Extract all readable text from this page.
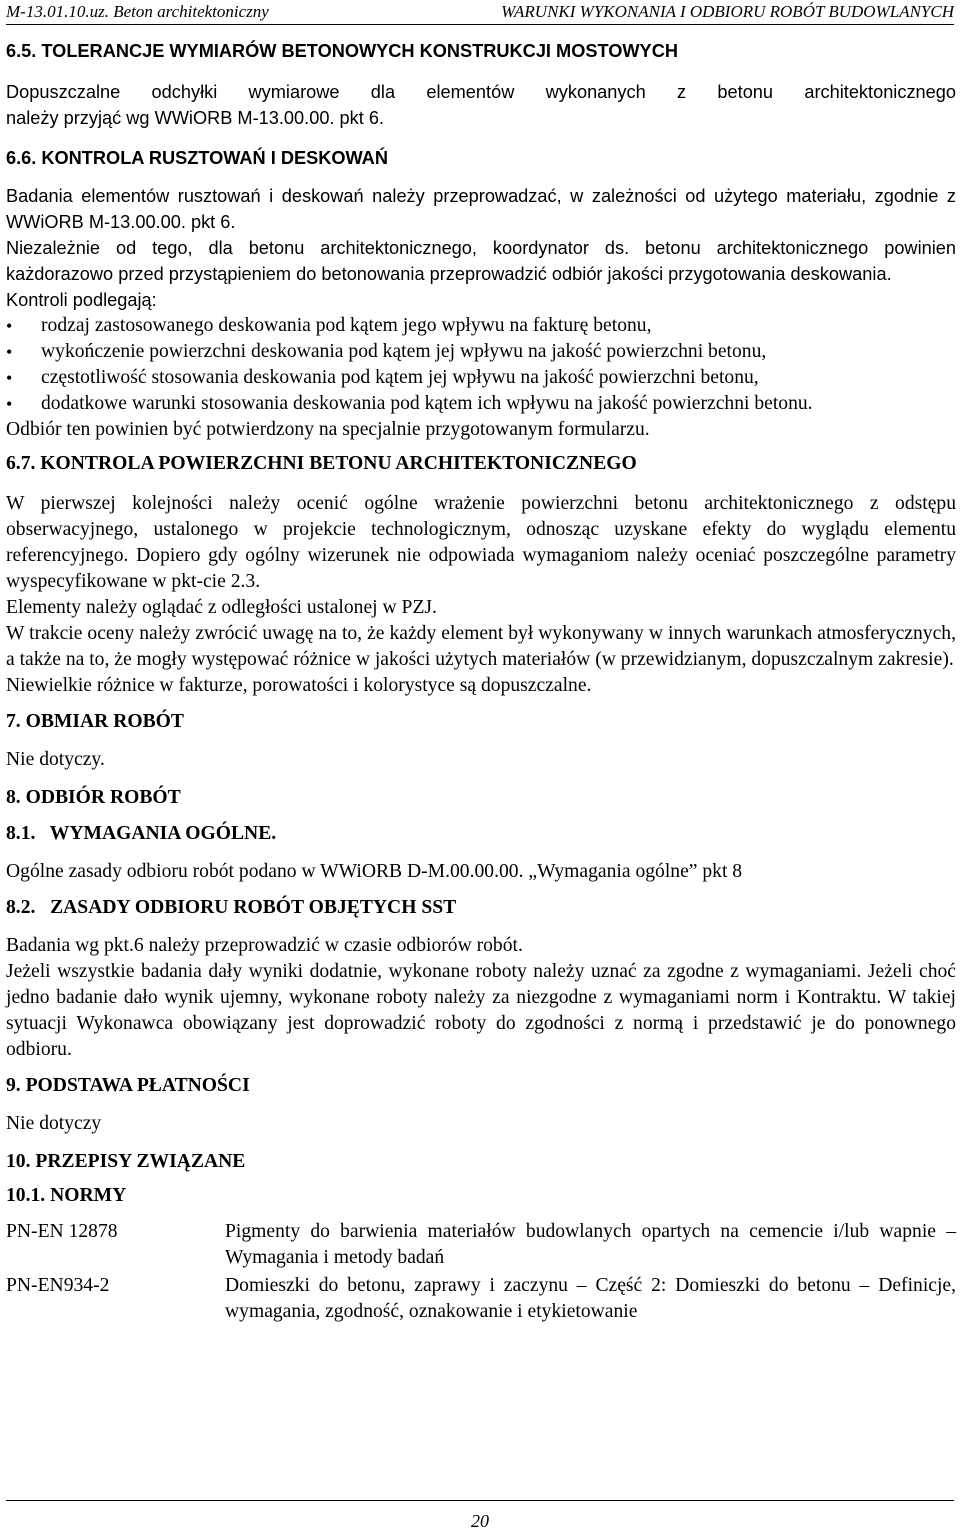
M-13.01.10.uz. Beton architektoniczny	WARUNKI WYKONANIA I ODBIORU ROBÓT BUDOWLANYCH
6.5. TOLERANCJE WYMIARÓW BETONOWYCH KONSTRUKCJI MOSTOWYCH

Dopuszczalne odchyłki wymiarowe dla elementów wykonanych z betonu architektonicznego

należy przyjąć wg WWiORB M-13.00.00. pkt 6.

6.6. KONTROLA RUSZTOWAŃ I DESKOWAŃ

Badania elementów rusztowań i deskowań należy przeprowadzać, w zależności od użytego materiału, zgodnie z WWiORB M-13.00.00. pkt 6.

Niezależnie od tego, dla betonu architektonicznego, koordynator ds. betonu architektonicznego powinien każdorazowo przed przystąpieniem do betonowania przeprowadzić odbiór jakości przygotowania deskowania.

Kontroli podlegają:

• rodzaj zastosowanego deskowania pod kątem jego wpływu na fakturę betonu,
• wykończenie powierzchni deskowania pod kątem jej wpływu na jakość powierzchni betonu,
• częstotliwość stosowania deskowania pod kątem jej wpływu na jakość powierzchni betonu,
• dodatkowe warunki stosowania deskowania pod kątem ich wpływu na jakość powierzchni betonu.

Odbiór ten powinien być potwierdzony na specjalnie przygotowanym formularzu.

6.7. KONTROLA POWIERZCHNI BETONU ARCHITEKTONICZNEGO

W pierwszej kolejności należy ocenić ogólne wrażenie powierzchni betonu architektonicznego z odstępu obserwacyjnego, ustalonego w projekcie technologicznym, odnosząc uzyskane efekty do wyglądu elementu referencyjnego. Dopiero gdy ogólny wizerunek nie odpowiada wymaganiom należy oceniać poszczególne parametry wyspecyfikowane w pkt-cie 2.3.

Elementy należy oglądać z odległości ustalonej w PZJ.

W trakcie oceny należy zwrócić uwagę na to, że każdy element był wykonywany w innych warunkach atmosferycznych, a także na to, że mogły występować różnice w jakości użytych materiałów (w przewidzianym, dopuszczalnym zakresie).

Niewielkie różnice w fakturze, porowatości i kolorystyce są dopuszczalne.

7. OBMIAR ROBÓT

Nie dotyczy.

8. ODBIÓR ROBÓT
8.1.   WYMAGANIA OGÓLNE.

Ogólne zasady odbioru robót podano w WWiORB D-M.00.00.00. „Wymagania ogólne” pkt 8

8.2.   ZASADY ODBIORU ROBÓT OBJĘTYCH SST

Badania wg pkt.6 należy przeprowadzić w czasie odbiorów robót.

Jeżeli wszystkie badania dały wyniki dodatnie, wykonane roboty należy uznać za zgodne z wymaganiami. Jeżeli choć jedno badanie dało wynik ujemny, wykonane roboty należy za niezgodne z wymaganiami norm i Kontraktu. W takiej sytuacji Wykonawca obowiązany jest doprowadzić roboty do zgodności z normą i przedstawić je do ponownego odbioru.

9. PODSTAWA PŁATNOŚCI

Nie dotyczy

10. PRZEPISY ZWIĄZANE
10.1. NORMY
PN-EN 12878	Pigmenty do barwienia materiałów budowlanych opartych na cemencie i/lub wapnie – Wymagania i metody badań
PN-EN934-2	Domieszki do betonu, zaprawy i zaczynu – Część 2: Domieszki do betonu – Definicje, wymagania, zgodność, oznakowanie i etykietowanie
20
